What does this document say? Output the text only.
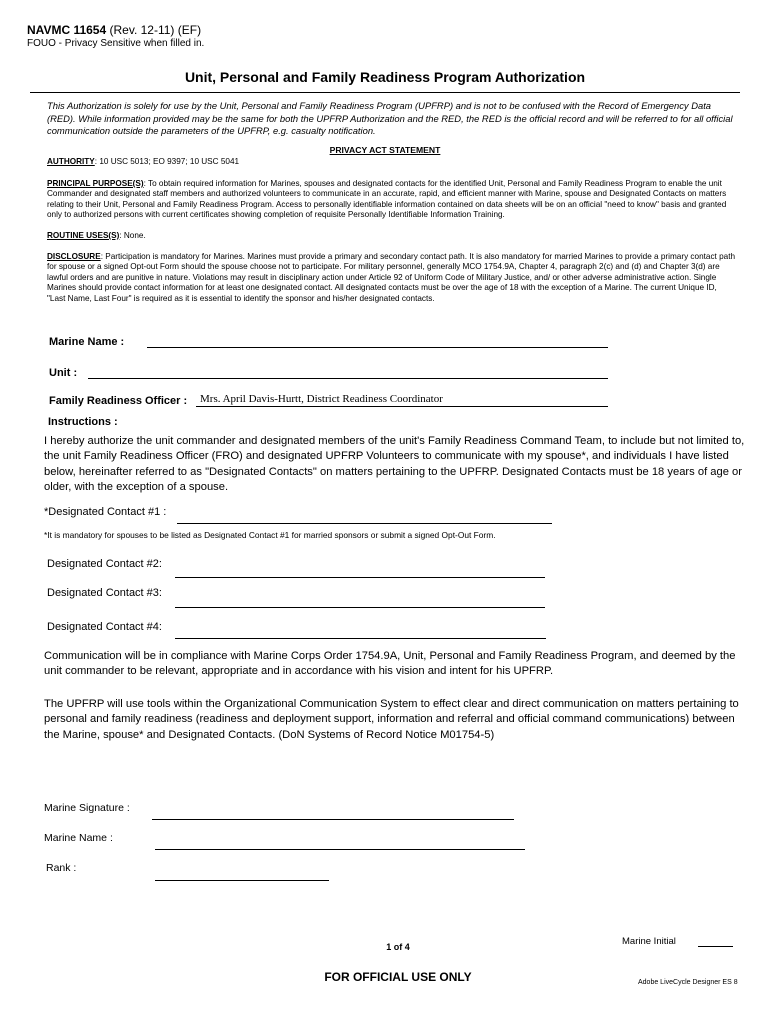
NAVMC 11654 (Rev. 12-11) (EF)
FOUO - Privacy Sensitive when filled in.
Unit, Personal and Family Readiness Program Authorization
This Authorization is solely for use by the Unit, Personal and Family Readiness Program (UPFRP) and is not to be confused with the Record of Emergency Data (RED). While information provided may be the same for both the UPFRP Authorization and the RED, the RED is the official record and will be referred to for all official communication outside the parameters of the UPFRP, e.g. casualty notification.
PRIVACY ACT STATEMENT
AUTHORITY: 10 USC 5013; EO 9397; 10 USC 5041
PRINCIPAL PURPOSE(S): To obtain required information for Marines, spouses and designated contacts for the identified Unit, Personal and Family Readiness Program to enable the unit Commander and designated staff members and authorized volunteers to communicate in an accurate, rapid, and efficient manner with Marine, spouse and Designated Contacts on matters relating to their Unit, Personal and Family Readiness Program. Access to personally identifiable information contained on data sheets will be on an official "need to know" basis and granted only to authorized persons with current certificates showing completion of requisite Personally Identifiable Information Training.
ROUTINE USES(S): None.
DISCLOSURE: Participation is mandatory for Marines. Marines must provide a primary and secondary contact path. It is also mandatory for married Marines to provide a primary contact path for spouse or a signed Opt-out Form should the spouse choose not to participate. For military personnel, generally MCO 1754.9A, Chapter 4, paragraph 2(c) and (d) and Chapter 3(d) are lawful orders and are punitive in nature. Violations may result in disciplinary action under Article 92 of Uniform Code of Military Justice, and/ or other adverse administrative action. Single Marines should provide contact information for at least one designated contact. All designated contacts must be over the age of 18 with the exception of a Marine. The current Unique ID, "Last Name, Last Four" is required as it is essential to identify the sponsor and his/her designated contacts.
Marine Name :
Unit :
Family Readiness Officer : Mrs. April Davis-Hurtt, District Readiness Coordinator
Instructions :
I hereby authorize the unit commander and designated members of the unit's Family Readiness Command Team, to include but not limited to, the unit Family Readiness Officer (FRO) and designated UPFRP Volunteers to communicate with my spouse*, and individuals I have listed below, hereinafter referred to as "Designated Contacts" on matters pertaining to the UPFRP. Designated Contacts must be 18 years of age or older, with the exception of a spouse.
*Designated Contact #1 :
*It is mandatory for spouses to be listed as Designated Contact #1 for married sponsors or submit a signed Opt-Out Form.
Designated Contact #2:
Designated Contact #3:
Designated Contact #4:
Communication will be in compliance with Marine Corps Order 1754.9A, Unit, Personal and Family Readiness Program, and deemed by the unit commander to be relevant, appropriate and in accordance with his vision and intent for his UPFRP.
The UPFRP will use tools within the Organizational Communication System to effect clear and direct communication on matters pertaining to personal and family readiness (readiness and deployment support, information and referral and official command communications) between the Marine, spouse* and Designated Contacts. (DoN Systems of Record Notice M01754-5)
Marine Signature :
Marine Name :
Rank :
1 of 4	Marine Initial
FOR OFFICIAL USE ONLY	Adobe LiveCycle Designer ES 8
